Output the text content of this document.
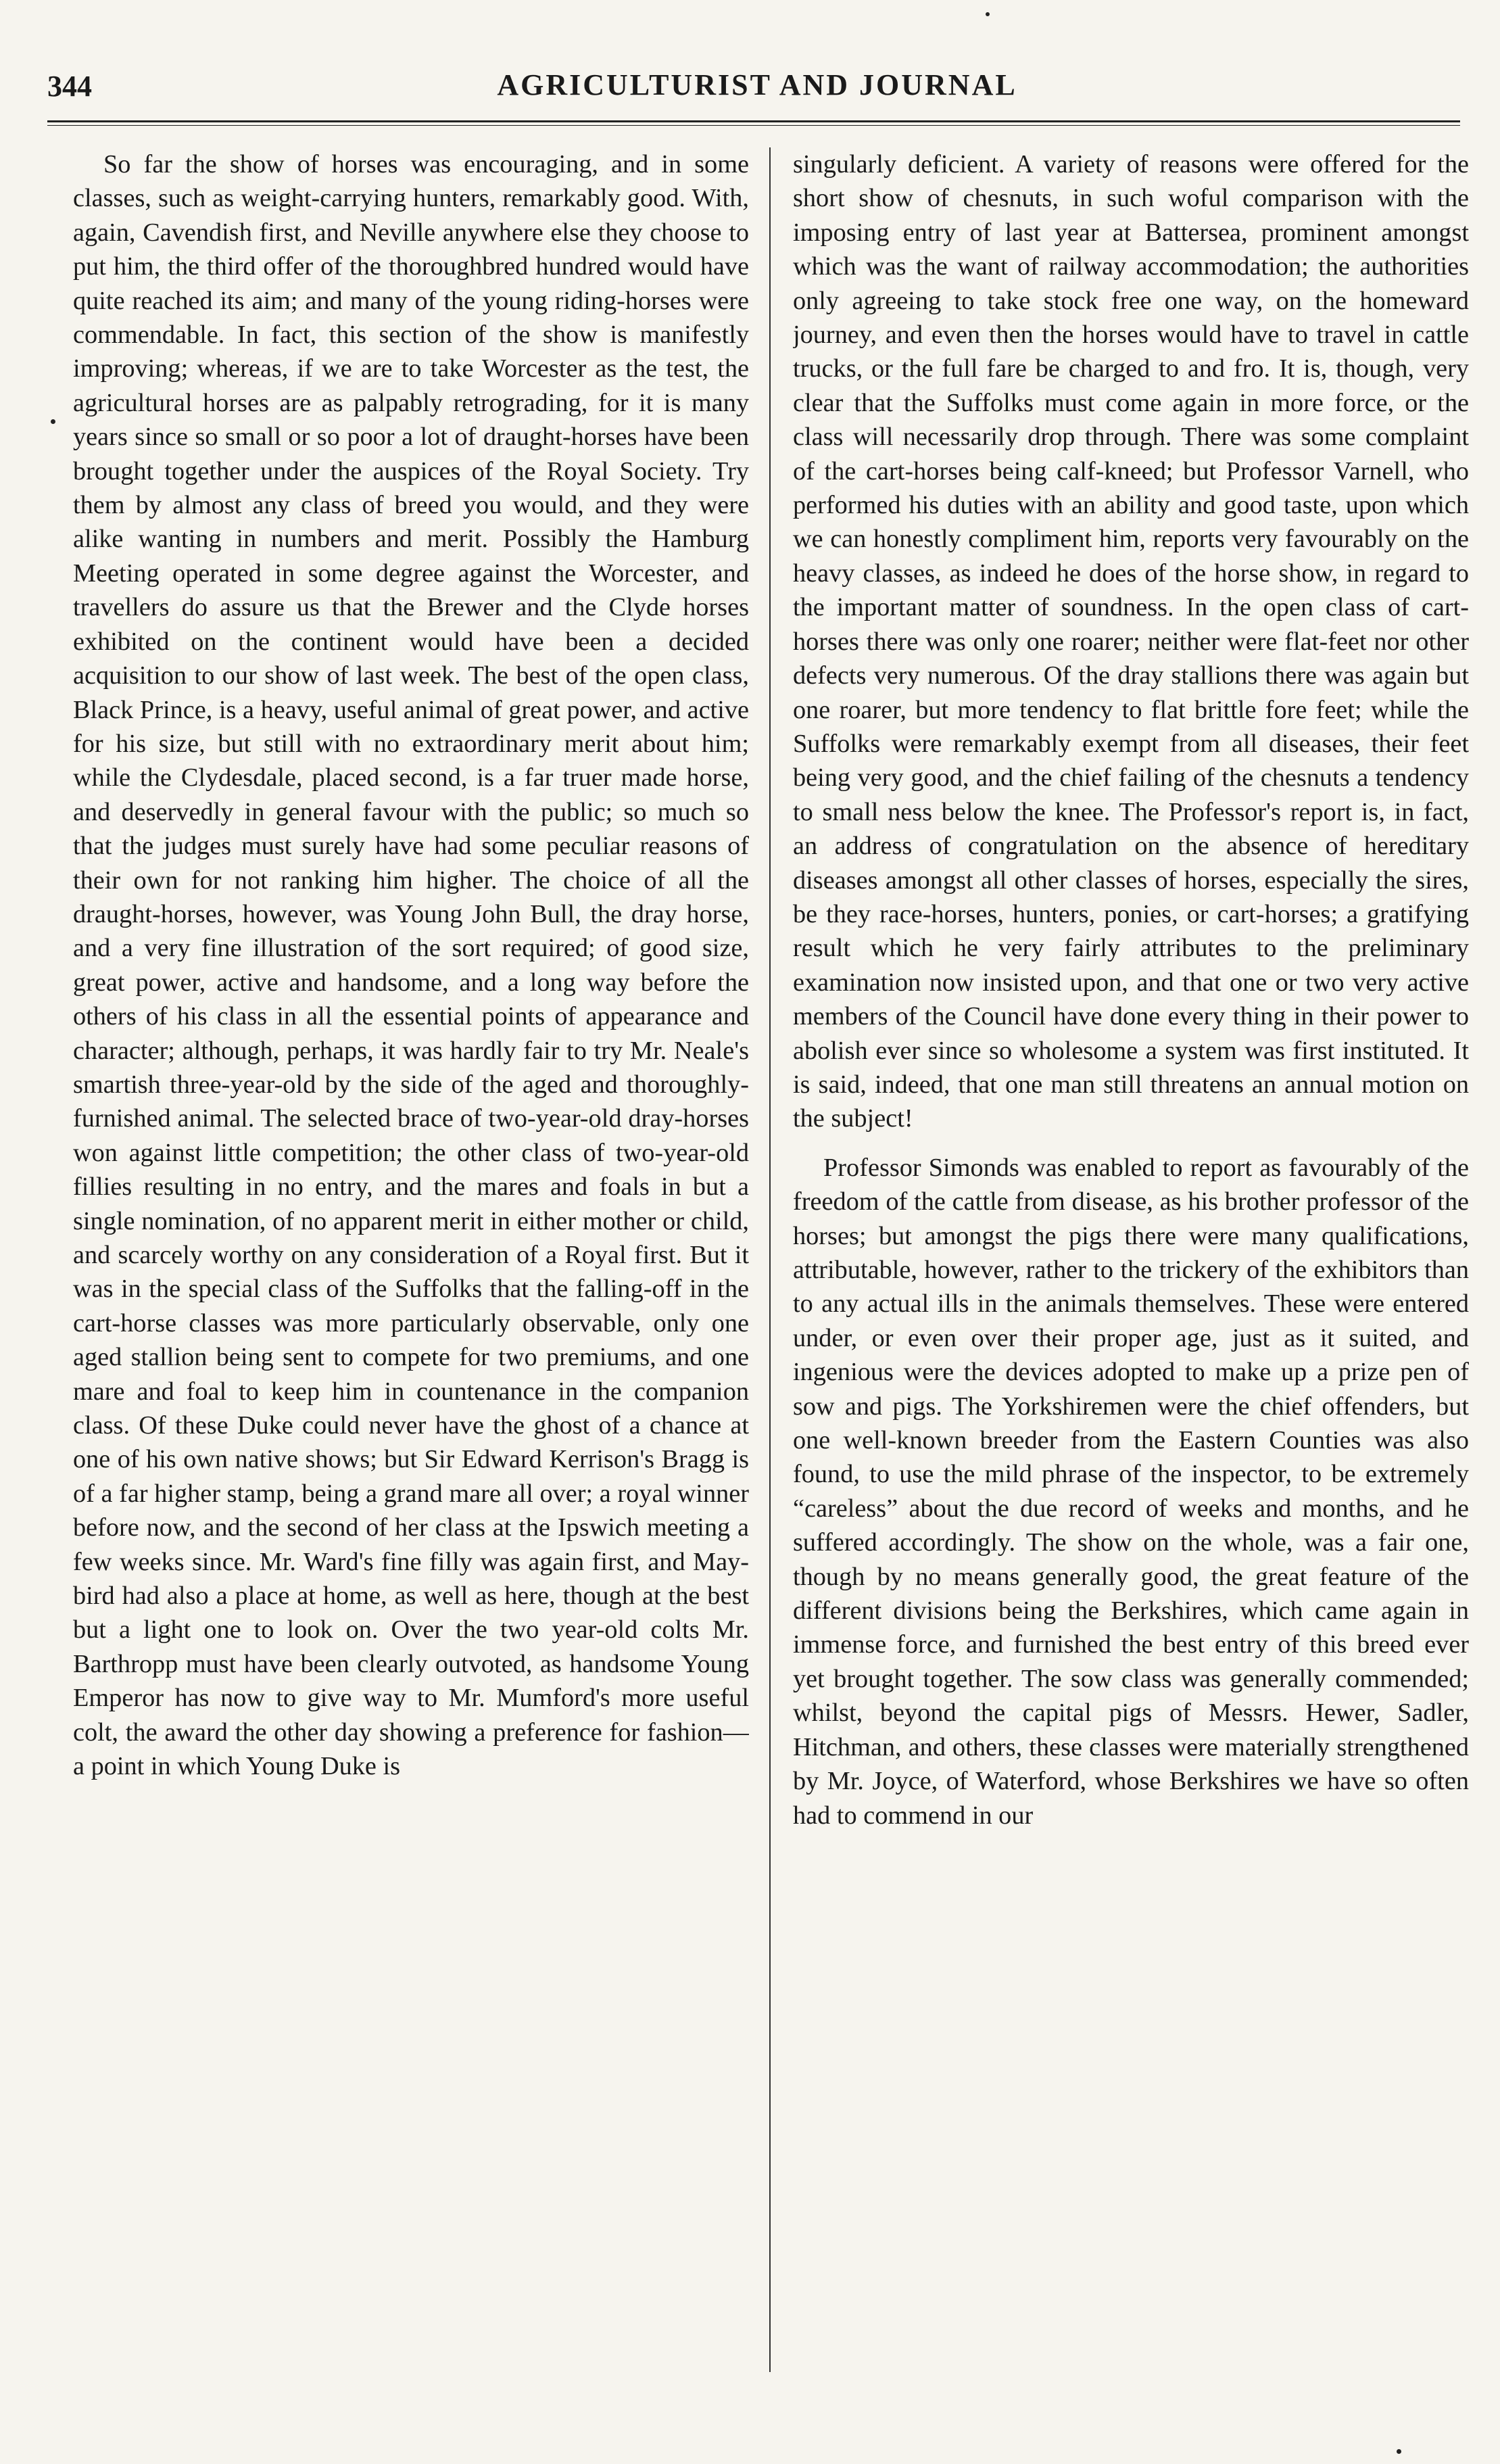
344	AGRICULTURIST AND JOURNAL

So far the show of horses was encouraging, and in some classes, such as weight-carrying hunters, remarkably good. With, again, Cavendish first, and Neville anywhere else they choose to put him, the third offer of the thoroughbred hundred would have quite reached its aim; and many of the young riding-horses were commendable. In fact, this section of the show is manifestly improving; whereas, if we are to take Worcester as the test, the agricultural horses are as palpably retrograding, for it is many years since so small or so poor a lot of draught-horses have been brought together under the auspices of the Royal Society. Try them by almost any class of breed you would, and they were alike wanting in numbers and merit. Possibly the Hamburg Meeting operated in some degree against the Worcester, and travellers do assure us that the Brewer and the Clyde horses exhibited on the continent would have been a decided acquisition to our show of last week. The best of the open class, Black Prince, is a heavy, useful animal of great power, and active for his size, but still with no extraordinary merit about him; while the Clydesdale, placed second, is a far truer made horse, and deservedly in general favour with the public; so much so that the judges must surely have had some peculiar reasons of their own for not ranking him higher. The choice of all the draught-horses, however, was Young John Bull, the dray horse, and a very fine illustration of the sort required; of good size, great power, active and handsome, and a long way before the others of his class in all the essential points of appearance and character; although, perhaps, it was hardly fair to try Mr. Neale's smartish three-year-old by the side of the aged and thoroughly-furnished animal. The selected brace of two-year-old dray-horses won against little competition; the other class of two-year-old fillies resulting in no entry, and the mares and foals in but a single nomination, of no apparent merit in either mother or child, and scarcely worthy on any consideration of a Royal first. But it was in the special class of the Suffolks that the falling-off in the cart-horse classes was more particularly observable, only one aged stallion being sent to compete for two premiums, and one mare and foal to keep him in countenance in the companion class. Of these Duke could never have the ghost of a chance at one of his own native shows; but Sir Edward Kerrison's Bragg is of a far higher stamp, being a grand mare all over; a royal winner before now, and the second of her class at the Ipswich meeting a few weeks since. Mr. Ward's fine filly was again first, and May-bird had also a place at home, as well as here, though at the best but a light one to look on. Over the two year-old colts Mr. Barthropp must have been clearly outvoted, as handsome Young Emperor has now to give way to Mr. Mumford's more useful colt, the award the other day showing a preference for fashion—a point in which Young Duke is

singularly deficient. A variety of reasons were offered for the short show of chesnuts, in such woful comparison with the imposing entry of last year at Battersea, prominent amongst which was the want of railway accommodation; the authorities only agreeing to take stock free one way, on the homeward journey, and even then the horses would have to travel in cattle trucks, or the full fare be charged to and fro. It is, though, very clear that the Suffolks must come again in more force, or the class will necessarily drop through. There was some complaint of the cart-horses being calf-kneed; but Professor Varnell, who performed his duties with an ability and good taste, upon which we can honestly compliment him, reports very favourably on the heavy classes, as indeed he does of the horse show, in regard to the important matter of soundness. In the open class of cart-horses there was only one roarer; neither were flat-feet nor other defects very numerous. Of the dray stallions there was again but one roarer, but more tendency to flat brittle fore feet; while the Suffolks were remarkably exempt from all diseases, their feet being very good, and the chief failing of the chesnuts a tendency to small ness below the knee. The Professor's report is, in fact, an address of congratulation on the absence of hereditary diseases amongst all other classes of horses, especially the sires, be they race-horses, hunters, ponies, or cart-horses; a gratifying result which he very fairly attributes to the preliminary examination now insisted upon, and that one or two very active members of the Council have done every thing in their power to abolish ever since so wholesome a system was first instituted. It is said, indeed, that one man still threatens an annual motion on the subject!

Professor Simonds was enabled to report as favourably of the freedom of the cattle from disease, as his brother professor of the horses; but amongst the pigs there were many qualifications, attributable, however, rather to the trickery of the exhibitors than to any actual ills in the animals themselves. These were entered under, or even over their proper age, just as it suited, and ingenious were the devices adopted to make up a prize pen of sow and pigs. The Yorkshiremen were the chief offenders, but one well-known breeder from the Eastern Counties was also found, to use the mild phrase of the inspector, to be extremely “careless” about the due record of weeks and months, and he suffered accordingly. The show on the whole, was a fair one, though by no means generally good, the great feature of the different divisions being the Berkshires, which came again in immense force, and furnished the best entry of this breed ever yet brought together. The sow class was generally commended; whilst, beyond the capital pigs of Messrs. Hewer, Sadler, Hitchman, and others, these classes were materially strengthened by Mr. Joyce, of Waterford, whose Berkshires we have so often had to commend in our
